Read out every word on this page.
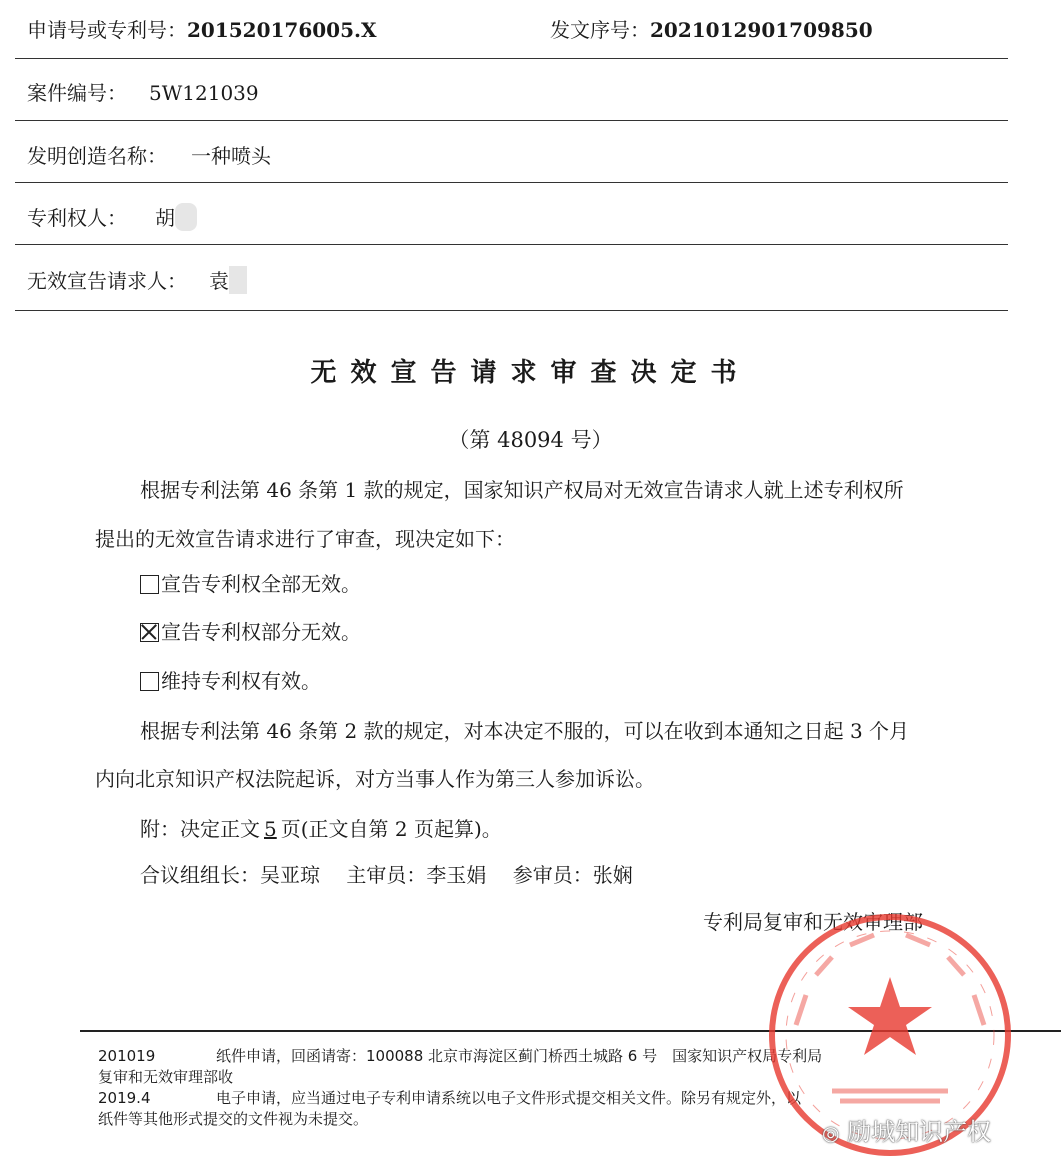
申请号或专利号：201520176005.X	发文序号：2021012901709850
案件编号： 5W121039
发明创造名称： 一种喷头
专利权人： 胡
无效宣告请求人： 袁
无效宣告请求审查决定书
（第 48094 号）
根据专利法第 46 条第 1 款的规定，国家知识产权局对无效宣告请求人就上述专利权所
提出的无效宣告请求进行了审查，现决定如下：
宣告专利权全部无效。
宣告专利权部分无效。
维持专利权有效。
根据专利法第 46 条第 2 款的规定，对本决定不服的，可以在收到本通知之日起 3 个月
内向北京知识产权法院起诉，对方当事人作为第三人参加诉讼。
附：决定正文 5 页(正文自第 2 页起算)。
合议组组长：吴亚琼　 主审员：李玉娟　 参审员：张娴
专利局复审和无效审理部
201019	纸件申请，回函请寄：100088 北京市海淀区蓟门桥西土城路 6 号　国家知识产权局专利局
复审和无效审理部收
2019.4	电子申请，应当通过电子专利申请系统以电子文件形式提交相关文件。除另有规定外，以
纸件等其他形式提交的文件视为未提交。
◎ 励城知识产权
